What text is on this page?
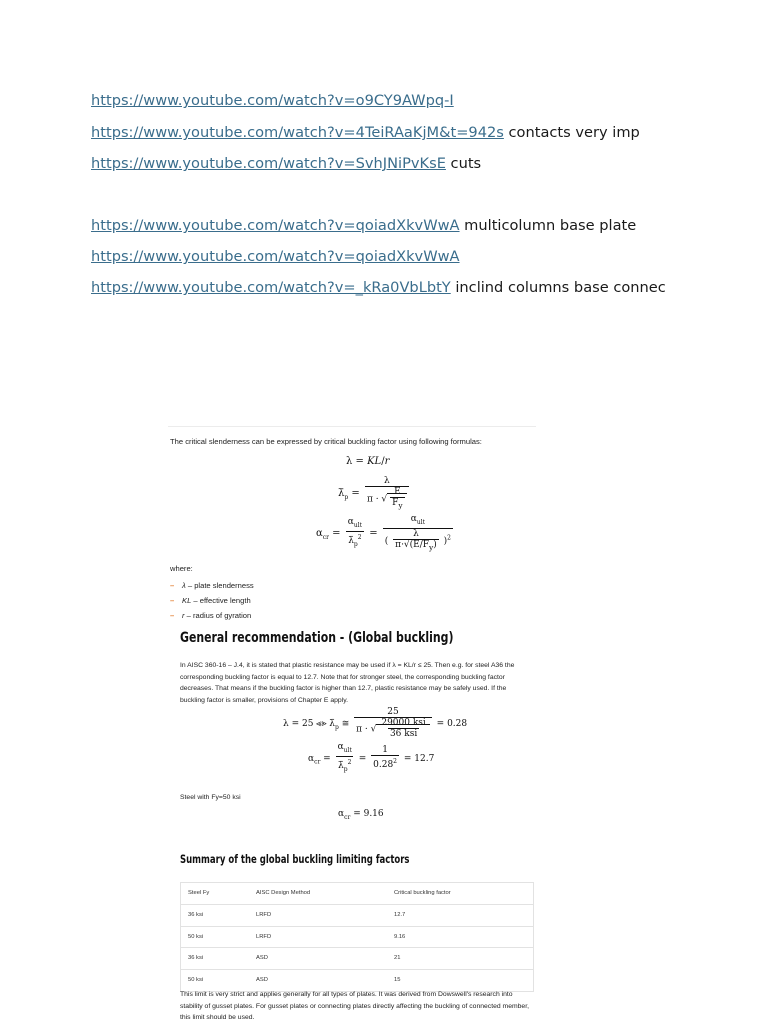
https://www.youtube.com/watch?v=o9CY9AWpq-I
https://www.youtube.com/watch?v=4TeiRAaKjM&t=942s contacts very imp
https://www.youtube.com/watch?v=SvhJNiPvKsE cuts
https://www.youtube.com/watch?v=qoiadXkvWwA multicolumn base plate
https://www.youtube.com/watch?v=qoiadXkvWwA
https://www.youtube.com/watch?v=_kRa0VbLbtY inclind columns base connec
The critical slenderness can be expressed by critical buckling factor using following formulas:
λ = KL/r
$\lambdā_p = \frac{\lambda}{\pi \cdot √ \frac{E}{F_y}}$
$\alpha_{cr} = \frac{\alpha_{ult}}{\lambdā_p^2} = \frac{\alpha_{ult}}{( \frac{\lambda}{\pi\cdot√(E/F_y)} )^2}$
where:
– λ – plate slenderness
– KL – effective length
– r – radius of gyration
General recommendation - (Global buckling)
In AISC 360-16 – J.4, it is stated that plastic resistance may be used if λ = KL/r ≤ 25. Then e.g. for steel A36 the corresponding buckling factor is equal to 12.7. Note that for stronger steel, the corresponding buckling factor decreases. That means if the buckling factor is higher than 12.7, plastic resistance may be safely used. If the buckling factor is smaller, provisions of Chapter E apply.
λ = 25 ⪡⪢ $\lambdā_p$ ≅ $\frac{25}{\pi \cdot √ \frac{\text{29000 ksi}}{\text{36 ksi}}} = 0.28$
$\alpha_{cr} = \frac{\alpha_{ult}}{\lambdā_p^2} = \frac{1}{0.28^2} = 12.7$
Steel with Fy=50 ksi
$\alpha_{cr} = 9.16$
Summary of the global buckling limiting factors
Steel Fy	AISC Design Method	Critical buckling factor
36 ksi	LRFD	12.7
50 ksi	LRFD	9.16
36 ksi	ASD	21
50 ksi	ASD	15
This limit is very strict and applies generally for all types of plates. It was derived from Dowswell's research into stability of gusset plates. For gusset plates or connecting plates directly affecting the buckling of connected member, this limit should be used.
